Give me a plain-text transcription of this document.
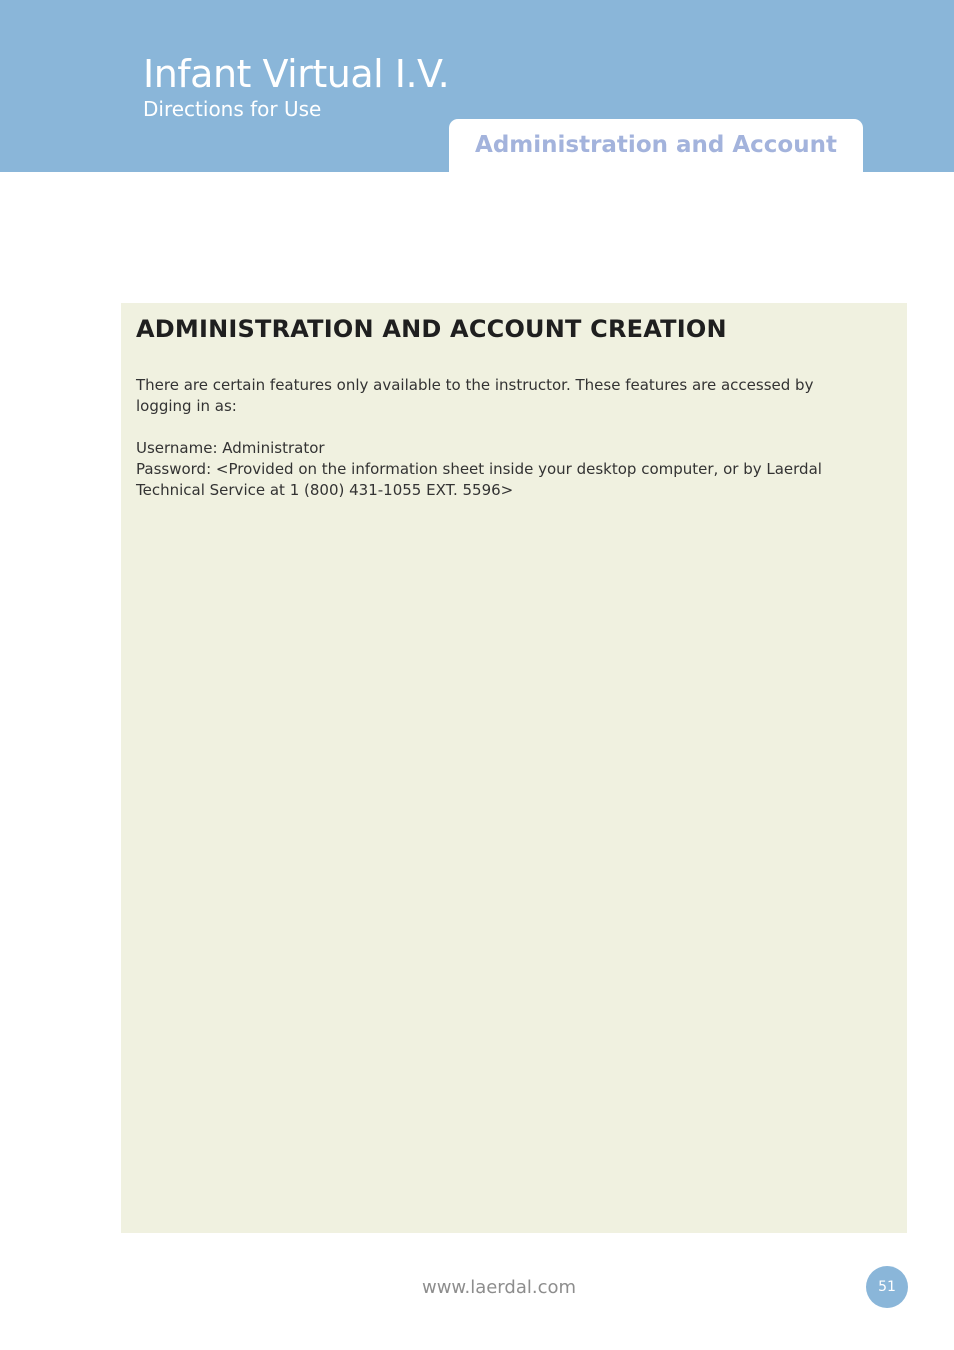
Infant Virtual I.V.
Directions for Use
Administration and Account
ADMINISTRATION AND ACCOUNT CREATION
There are certain features only available to the instructor. These features are accessed by logging in as:
Username: Administrator
Password: <Provided on the information sheet inside your desktop computer, or by Laerdal Technical Service at 1 (800) 431-1055 EXT. 5596>
www.laerdal.com	51
